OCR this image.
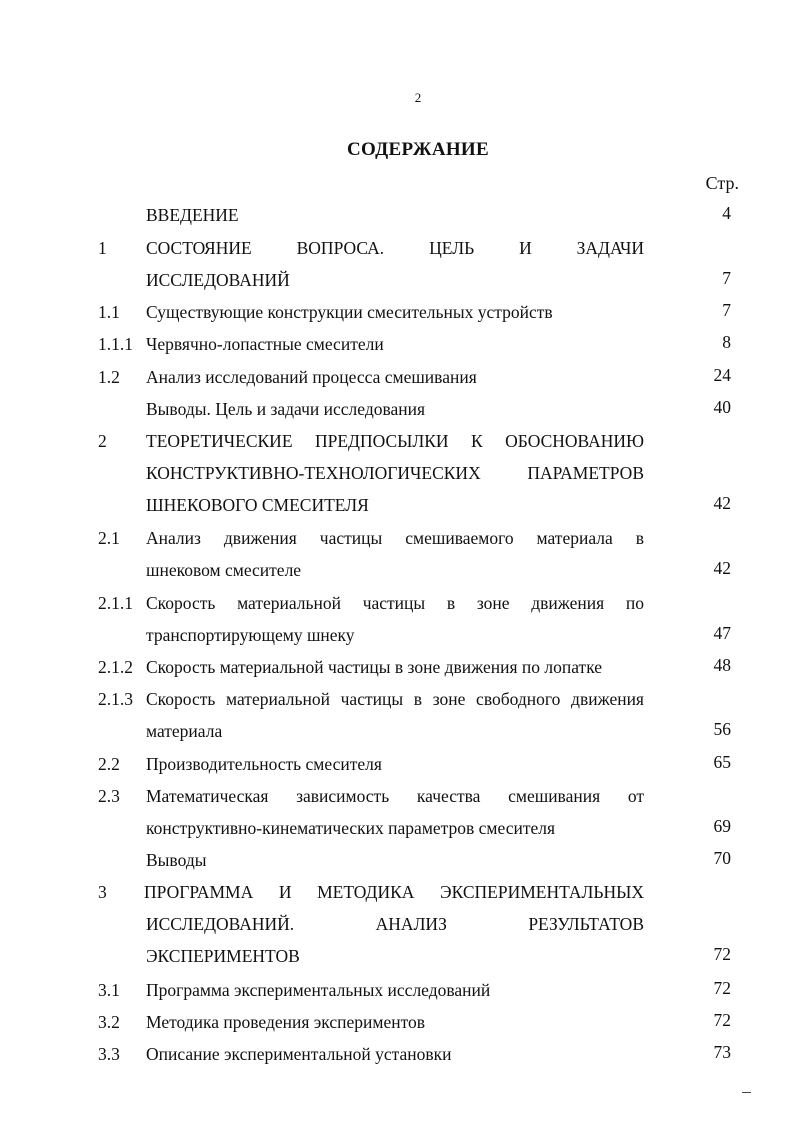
2
СОДЕРЖАНИЕ
Стр.
ВВЕДЕНИЕ	4
1 СОСТОЯНИЕ ВОПРОСА. ЦЕЛЬ И ЗАДАЧИ
ИССЛЕДОВАНИЙ	7
1.1 Существующие конструкции смесительных устройств	7
1.1.1 Червячно-лопастные смесители	8
1.2 Анализ исследований процесса смешивания	24
Выводы. Цель и задачи исследования	40
2 ТЕОРЕТИЧЕСКИЕ ПРЕДПОСЫЛКИ К ОБОСНОВАНИЮ
КОНСТРУКТИВНО-ТЕХНОЛОГИЧЕСКИХ ПАРАМЕТРОВ
ШНЕКОВОГО СМЕСИТЕЛЯ	42
2.1 Анализ движения частицы смешиваемого материала в
шнековом смесителе	42
2.1.1 Скорость материальной частицы в зоне движения по
транспортирующему шнеку	47
2.1.2 Скорость материальной частицы в зоне движения по лопатке	48
2.1.3 Скорость материальной частицы в зоне свободного движения
материала	56
2.2 Производительность смесителя	65
2.3 Математическая зависимость качества смешивания от
конструктивно-кинематических параметров смесителя	69
Выводы	70
3 ПРОГРАММА И МЕТОДИКА ЭКСПЕРИМЕНТАЛЬНЫХ
ИССЛЕДОВАНИЙ. АНАЛИЗ РЕЗУЛЬТАТОВ
ЭКСПЕРИМЕНТОВ	72
3.1 Программа экспериментальных исследований	72
3.2 Методика проведения экспериментов	72
3.3 Описание экспериментальной установки	73
